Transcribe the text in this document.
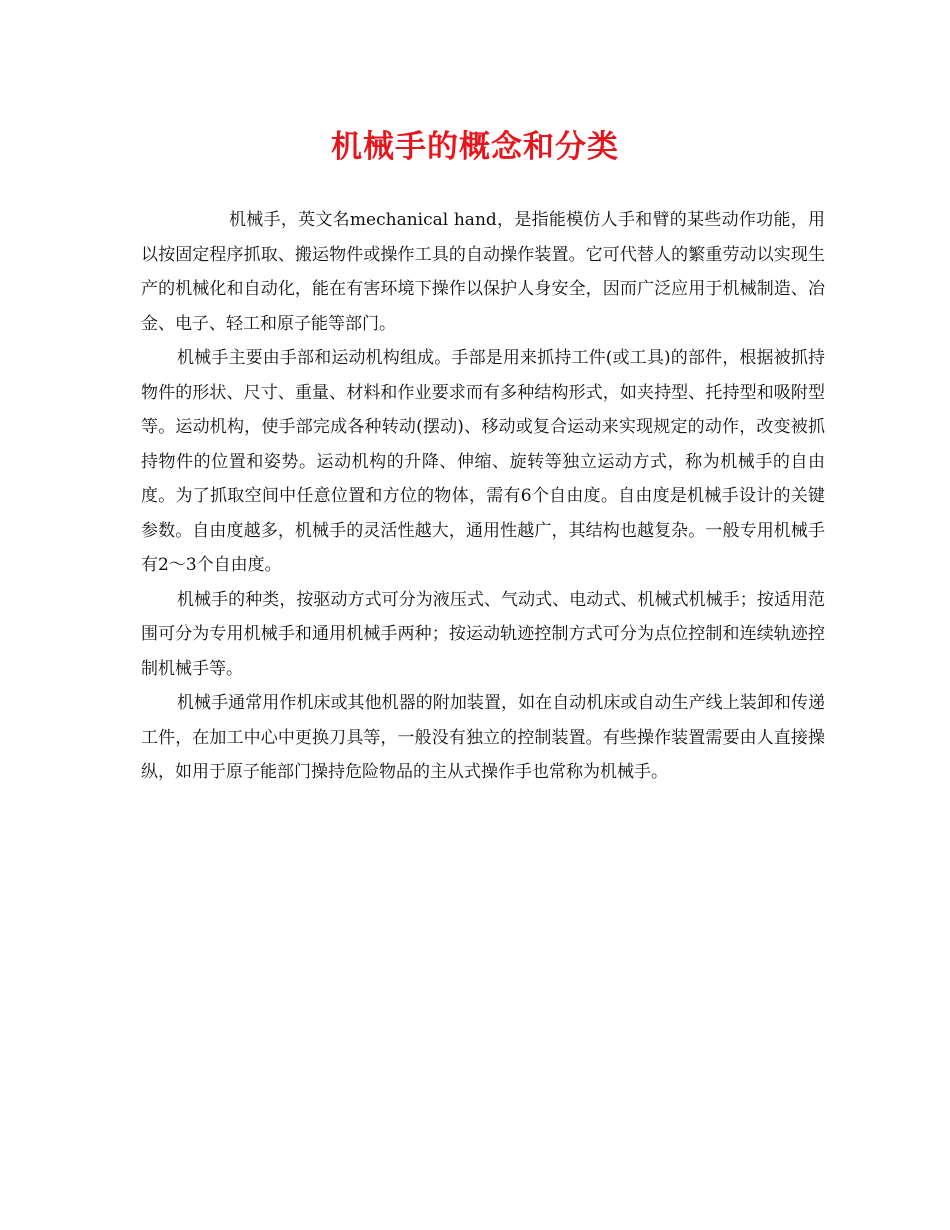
机械手的概念和分类

机械手，英文名mechanical hand，是指能模仿人手和臂的某些动作功能，用以按固定程序抓取、搬运物件或操作工具的自动操作装置。它可代替人的繁重劳动以实现生产的机械化和自动化，能在有害环境下操作以保护人身安全，因而广泛应用于机械制造、冶金、电子、轻工和原子能等部门。

机械手主要由手部和运动机构组成。手部是用来抓持工件(或工具)的部件，根据被抓持物件的形状、尺寸、重量、材料和作业要求而有多种结构形式，如夹持型、托持型和吸附型等。运动机构，使手部完成各种转动(摆动)、移动或复合运动来实现规定的动作，改变被抓持物件的位置和姿势。运动机构的升降、伸缩、旋转等独立运动方式，称为机械手的自由度。为了抓取空间中任意位置和方位的物体，需有6个自由度。自由度是机械手设计的关键参数。自由度越多，机械手的灵活性越大，通用性越广，其结构也越复杂。一般专用机械手有2～3个自由度。

机械手的种类，按驱动方式可分为液压式、气动式、电动式、机械式机械手；按适用范围可分为专用机械手和通用机械手两种；按运动轨迹控制方式可分为点位控制和连续轨迹控制机械手等。

机械手通常用作机床或其他机器的附加装置，如在自动机床或自动生产线上装卸和传递工件，在加工中心中更换刀具等，一般没有独立的控制装置。有些操作装置需要由人直接操纵，如用于原子能部门操持危险物品的主从式操作手也常称为机械手。
